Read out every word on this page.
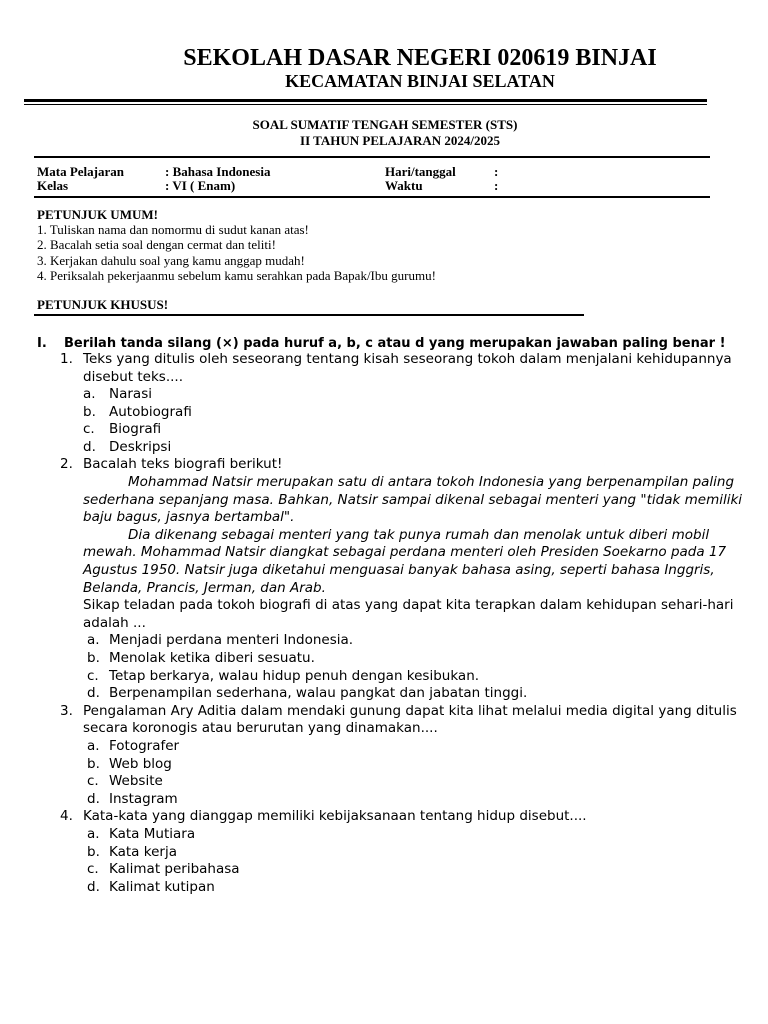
SEKOLAH DASAR NEGERI 020619 BINJAI
KECAMATAN BINJAI SELATAN
SOAL SUMATIF TENGAH SEMESTER (STS)
II TAHUN PELAJARAN 2024/2025
Mata Pelajaran	: Bahasa Indonesia	Hari/tanggal	:
Kelas	: VI ( Enam)	Waktu	:
PETUNJUK UMUM!
1. Tuliskan nama dan nomormu di sudut kanan atas!
2. Bacalah setia soal dengan cermat dan teliti!
3. Kerjakan dahulu soal yang kamu anggap mudah!
4. Periksalah pekerjaanmu sebelum kamu serahkan pada Bapak/Ibu gurumu!
PETUNJUK KHUSUS!
I. Berilah tanda silang (×) pada huruf a, b, c atau d yang merupakan jawaban paling benar !
1. Teks yang ditulis oleh seseorang tentang kisah seseorang tokoh dalam menjalani kehidupannya disebut teks....
a. Narasi
b. Autobiografi
c. Biografi
d. Deskripsi
2. Bacalah teks biografi berikut!
Mohammad Natsir merupakan satu di antara tokoh Indonesia yang berpenampilan paling sederhana sepanjang masa. Bahkan, Natsir sampai dikenal sebagai menteri yang "tidak memiliki baju bagus, jasnya bertambal".
Dia dikenang sebagai menteri yang tak punya rumah dan menolak untuk diberi mobil mewah. Mohammad Natsir diangkat sebagai perdana menteri oleh Presiden Soekarno pada 17 Agustus 1950. Natsir juga diketahui menguasai banyak bahasa asing, seperti bahasa Inggris, Belanda, Prancis, Jerman, dan Arab.
Sikap teladan pada tokoh biografi di atas yang dapat kita terapkan dalam kehidupan sehari-hari adalah ...
a. Menjadi perdana menteri Indonesia.
b. Menolak ketika diberi sesuatu.
c. Tetap berkarya, walau hidup penuh dengan kesibukan.
d. Berpenampilan sederhana, walau pangkat dan jabatan tinggi.
3. Pengalaman Ary Aditia dalam mendaki gunung dapat kita lihat melalui media digital yang ditulis secara koronogis atau berurutan yang dinamakan....
a. Fotografer
b. Web blog
c. Website
d. Instagram
4. Kata-kata yang dianggap memiliki kebijaksanaan tentang hidup disebut....
a. Kata Mutiara
b. Kata kerja
c. Kalimat peribahasa
d. Kalimat kutipan
